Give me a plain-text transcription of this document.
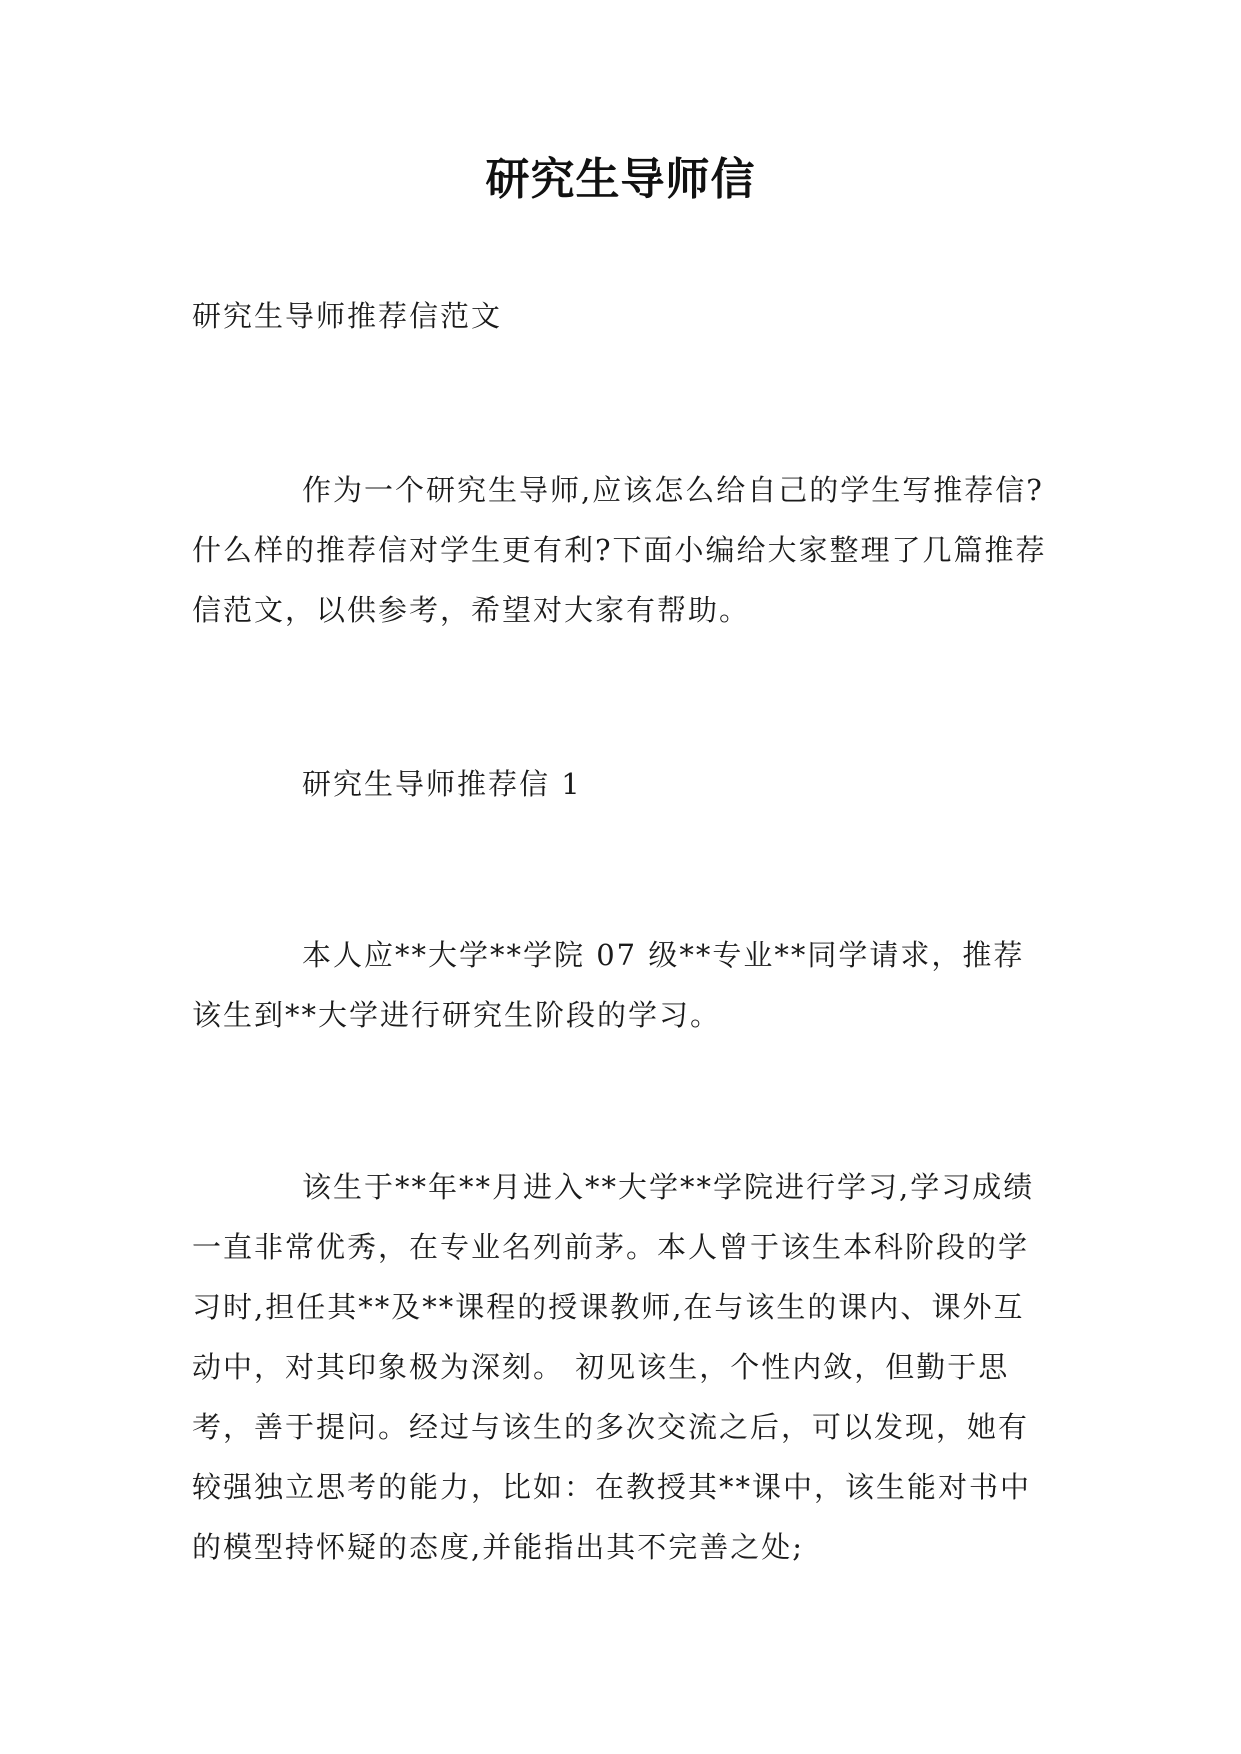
研究生导师信

研究生导师推荐信范文

作为一个研究生导师,应该怎么给自己的学生写推荐信?什么样的推荐信对学生更有利?下面小编给大家整理了几篇推荐信范文，以供参考，希望对大家有帮助。

研究生导师推荐信 1

本人应**大学**学院 07 级**专业**同学请求，推荐该生到**大学进行研究生阶段的学习。

该生于**年**月进入**大学**学院进行学习,学习成绩一直非常优秀，在专业名列前茅。本人曾于该生本科阶段的学习时,担任其**及**课程的授课教师,在与该生的课内、课外互动中，对其印象极为深刻。 初见该生，个性内敛，但勤于思考，善于提问。经过与该生的多次交流之后，可以发现，她有较强独立思考的能力，比如：在教授其**课中，该生能对书中的模型持怀疑的态度,并能指出其不完善之处;
